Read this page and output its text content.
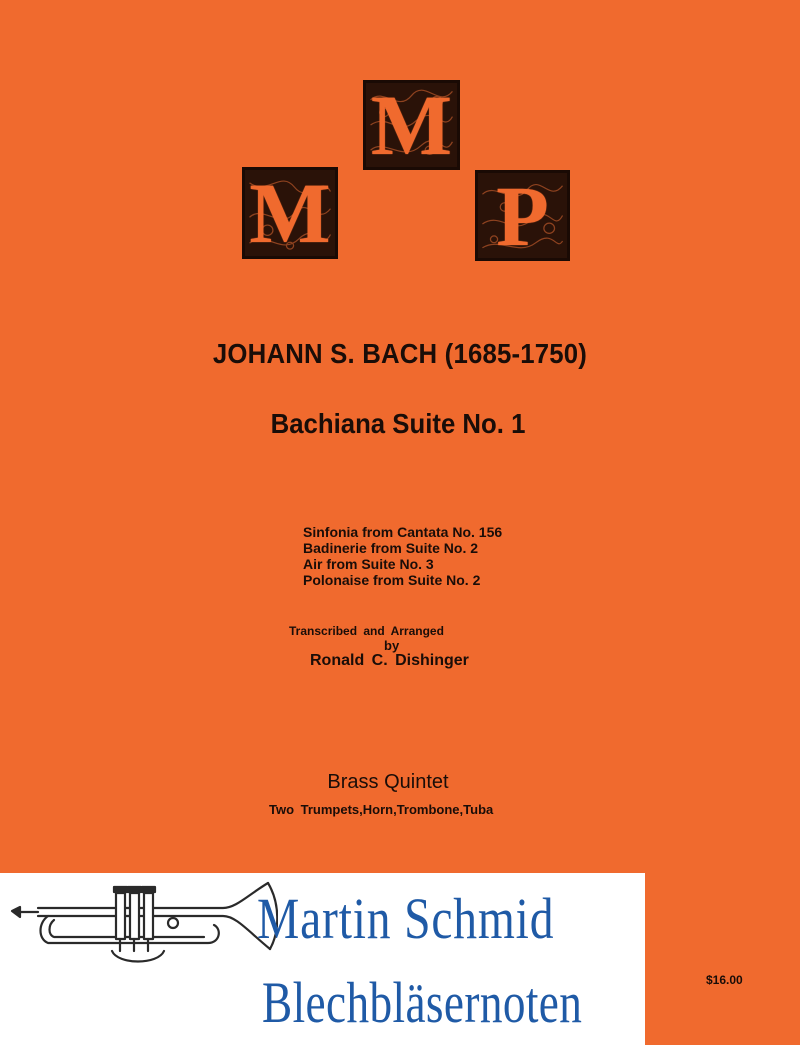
M
M P
JOHANN S. BACH (1685-1750)
Bachiana Suite No. 1
Sinfonia from Cantata No. 156
Badinerie from Suite No. 2
Air from Suite No. 3
Polonaise from Suite No. 2
Transcribed and Arranged
by
Ronald C. Dishinger
Brass Quintet
Two Trumpets,Horn,Trombone,Tuba
$16.00
Martin Schmid
Blechbläsernoten
